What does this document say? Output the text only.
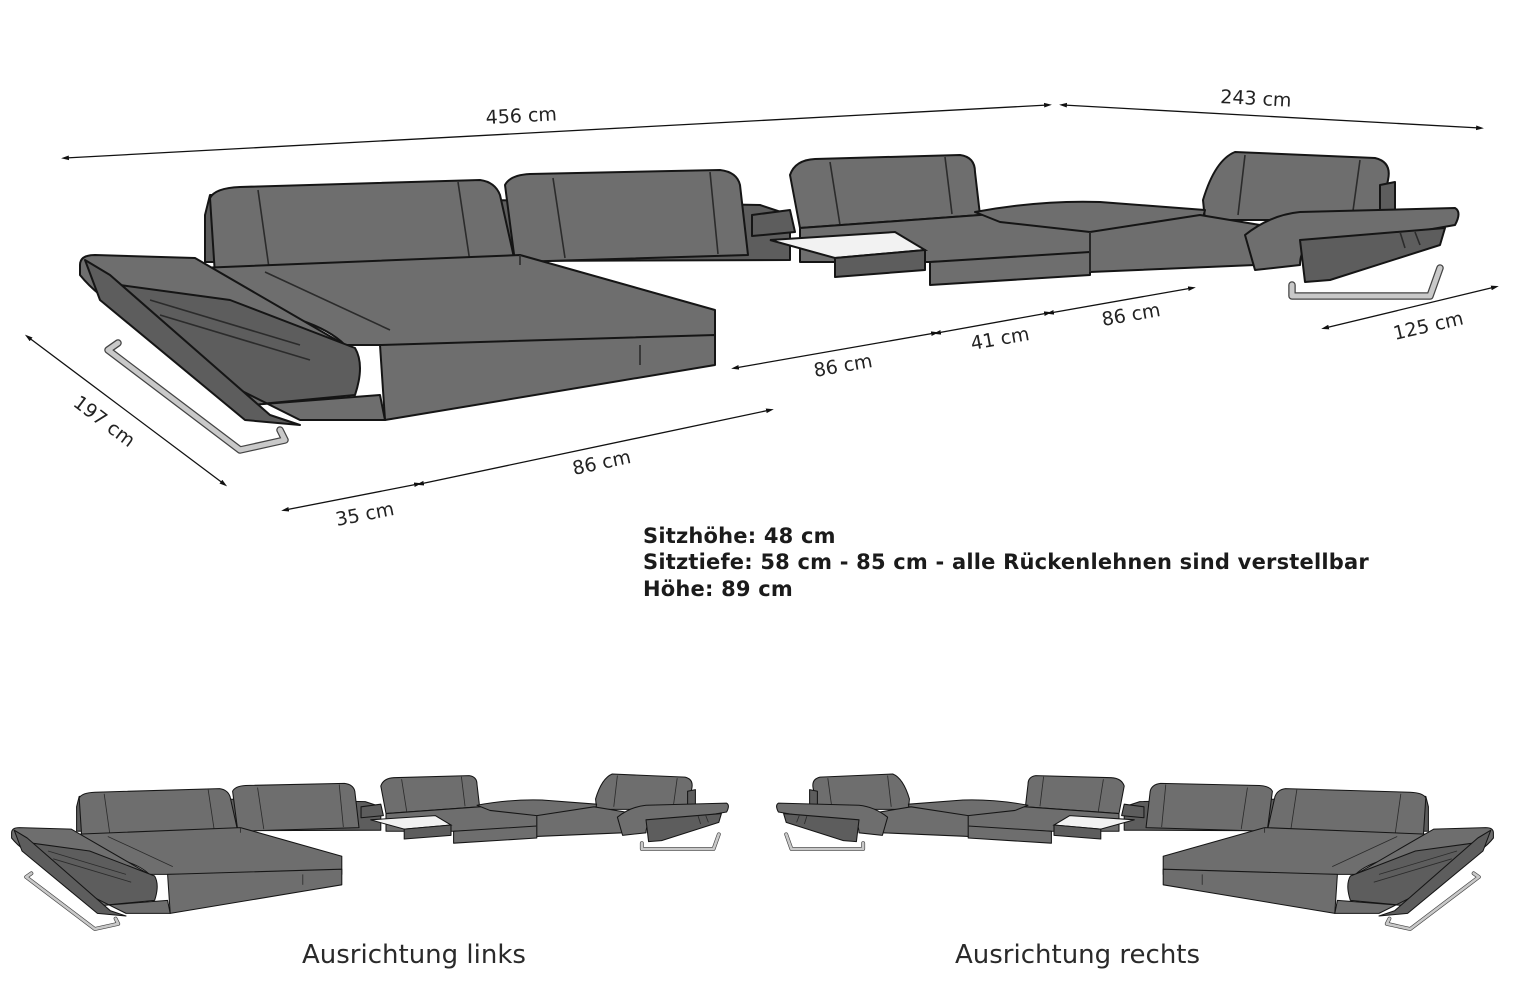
456 cm
243 cm
197 cm
125 cm
86 cm
41 cm
86 cm
35 cm
86 cm
Sitzhöhe: 48 cm
Sitztiefe: 58 cm - 85 cm - alle Rückenlehnen sind verstellbar
Höhe: 89 cm
Ausrichtung links	Ausrichtung rechts
